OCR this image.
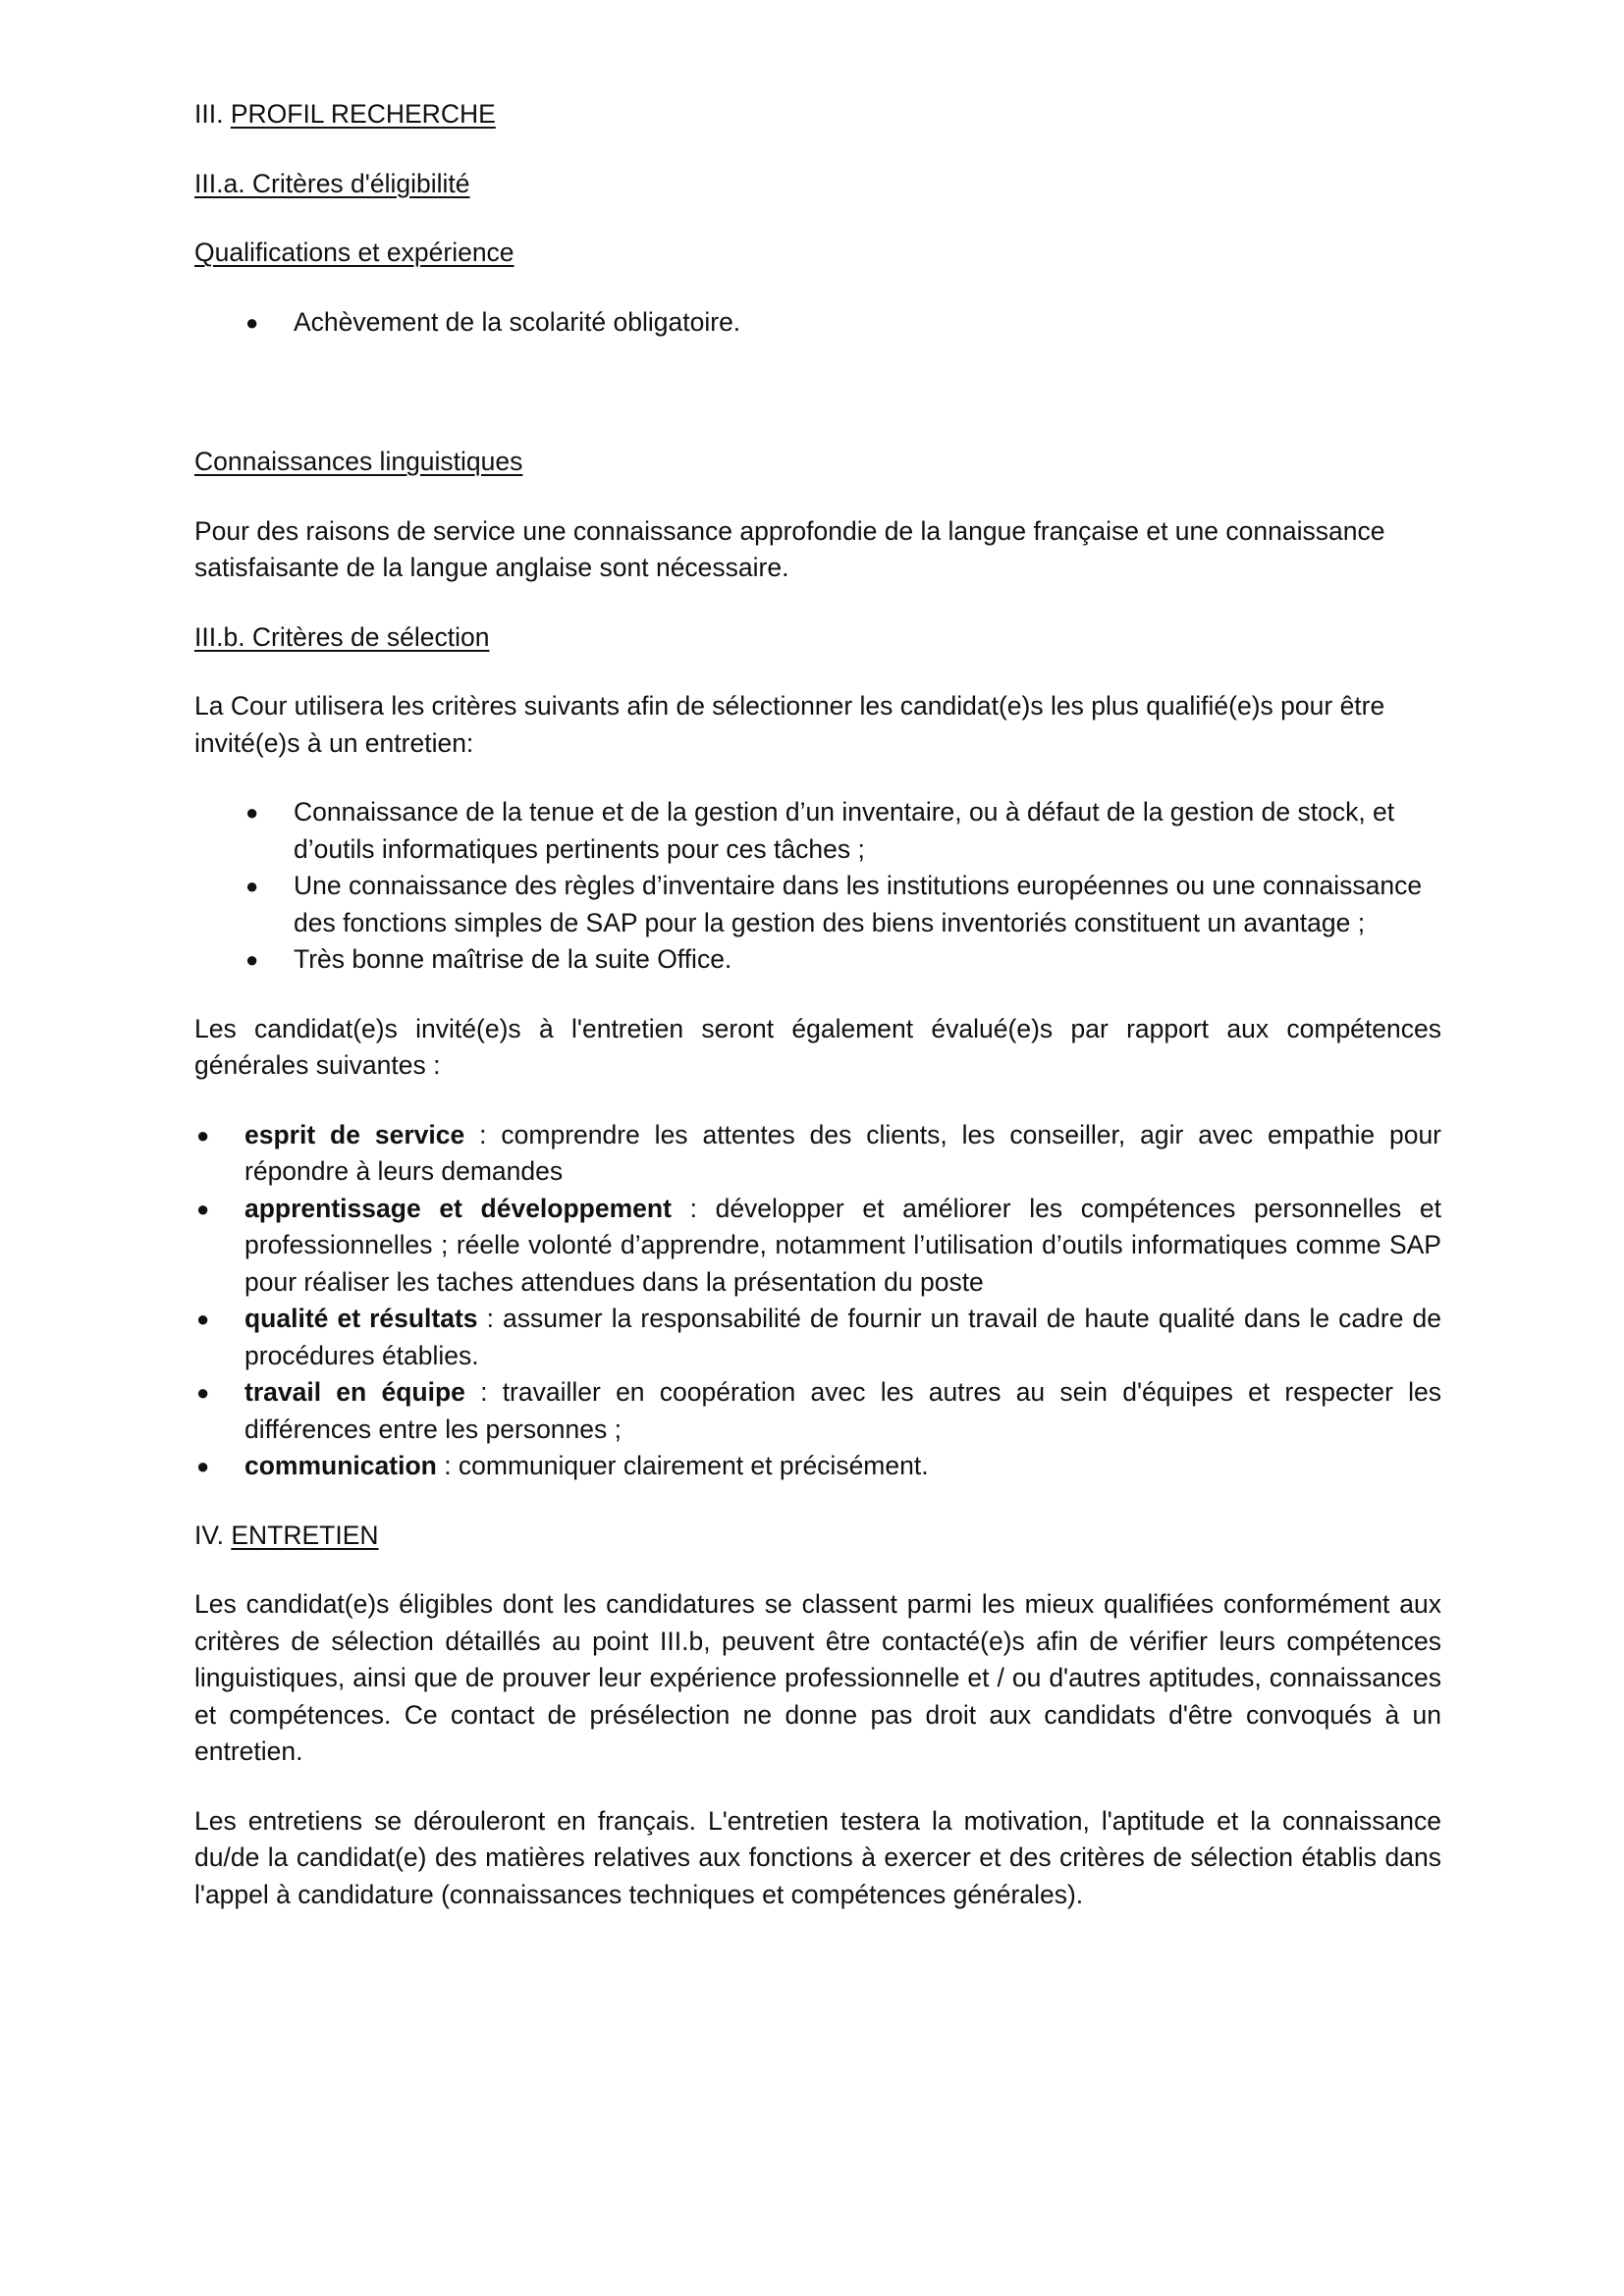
III. PROFIL RECHERCHE

III.a. Critères d'éligibilité

Qualifications et expérience

● Achèvement de la scolarité obligatoire.

Connaissances linguistiques

Pour des raisons de service une connaissance approfondie de la langue française et une connaissance satisfaisante de la langue anglaise sont nécessaire.

III.b. Critères de sélection

La Cour utilisera les critères suivants afin de sélectionner les candidat(e)s les plus qualifié(e)s pour être invité(e)s à un entretien:

● Connaissance de la tenue et de la gestion d’un inventaire, ou à défaut de la gestion de stock, et d’outils informatiques pertinents pour ces tâches ;
● Une connaissance des règles d’inventaire dans les institutions européennes ou une connaissance des fonctions simples de SAP pour la gestion des biens inventoriés constituent un avantage ;
● Très bonne maîtrise de la suite Office.

Les candidat(e)s invité(e)s à l'entretien seront également évalué(e)s par rapport aux compétences générales suivantes :

● esprit de service : comprendre les attentes des clients, les conseiller, agir avec empathie pour répondre à leurs demandes
● apprentissage et développement : développer et améliorer les compétences personnelles et professionnelles ; réelle volonté d’apprendre, notamment l’utilisation d’outils informatiques comme SAP pour réaliser les taches attendues dans la présentation du poste
● qualité et résultats : assumer la responsabilité de fournir un travail de haute qualité dans le cadre de procédures établies.
● travail en équipe : travailler en coopération avec les autres au sein d'équipes et respecter les différences entre les personnes ;
● communication : communiquer clairement et précisément.

IV. ENTRETIEN

Les candidat(e)s éligibles dont les candidatures se classent parmi les mieux qualifiées conformément aux critères de sélection détaillés au point III.b, peuvent être contacté(e)s afin de vérifier leurs compétences linguistiques, ainsi que de prouver leur expérience professionnelle et / ou d'autres aptitudes, connaissances et compétences. Ce contact de présélection ne donne pas droit aux candidats d'être convoqués à un entretien.

Les entretiens se dérouleront en français. L'entretien testera la motivation, l'aptitude et la connaissance du/de la candidat(e) des matières relatives aux fonctions à exercer et des critères de sélection établis dans l'appel à candidature (connaissances techniques et compétences générales).
